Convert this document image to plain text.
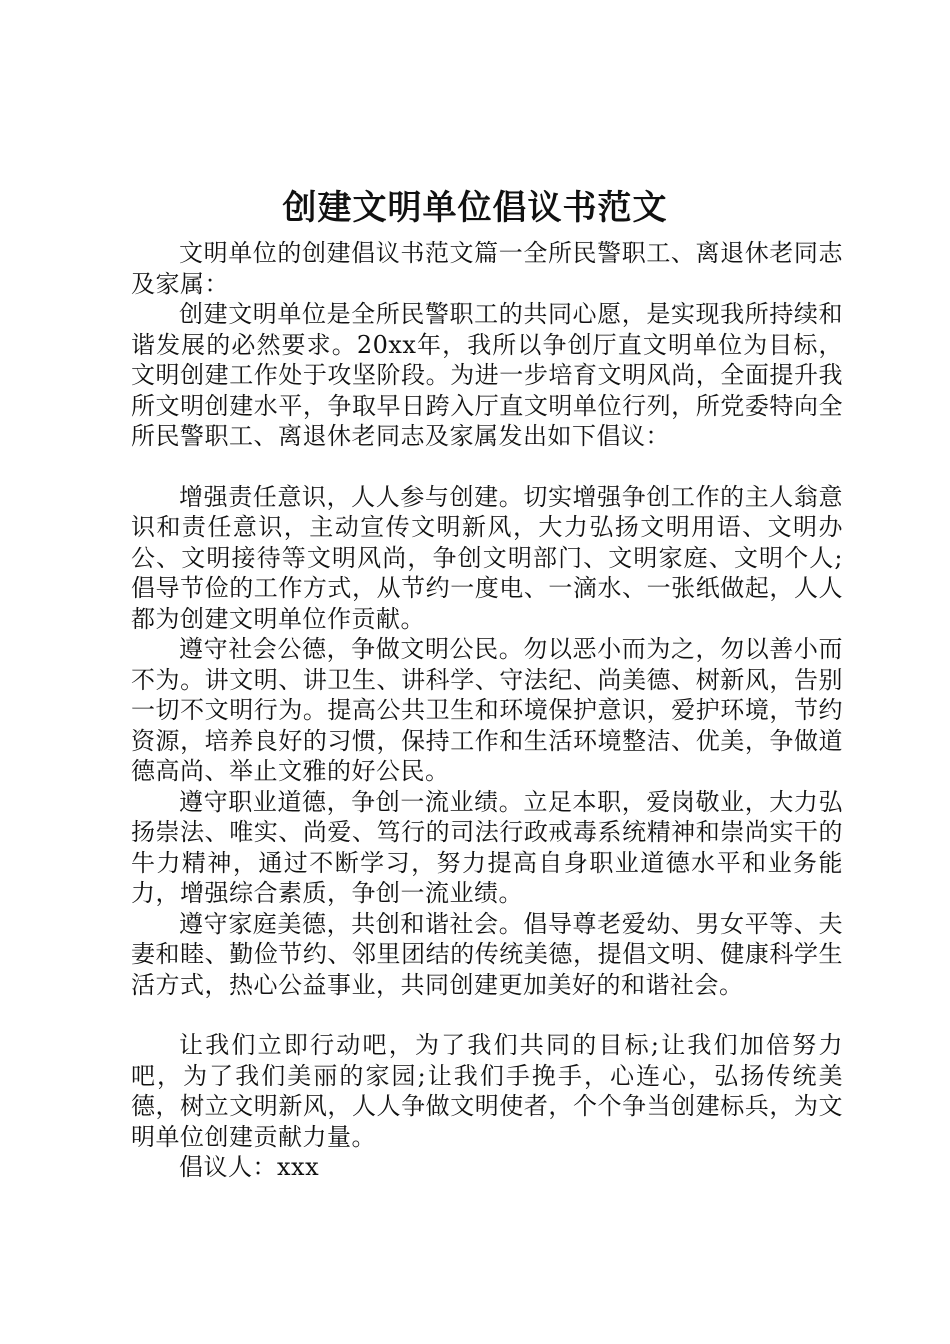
创建文明单位倡议书范文

文明单位的创建倡议书范文篇一全所民警职工、离退休老同志及家属：

创建文明单位是全所民警职工的共同心愿，是实现我所持续和谐发展的必然要求。20xx年，我所以争创厅直文明单位为目标，文明创建工作处于攻坚阶段。为进一步培育文明风尚，全面提升我所文明创建水平，争取早日跨入厅直文明单位行列，所党委特向全所民警职工、离退休老同志及家属发出如下倡议：

增强责任意识，人人参与创建。切实增强争创工作的主人翁意识和责任意识，主动宣传文明新风，大力弘扬文明用语、文明办公、文明接待等文明风尚，争创文明部门、文明家庭、文明个人;倡导节俭的工作方式，从节约一度电、一滴水、一张纸做起，人人都为创建文明单位作贡献。

遵守社会公德，争做文明公民。勿以恶小而为之，勿以善小而不为。讲文明、讲卫生、讲科学、守法纪、尚美德、树新风，告别一切不文明行为。提高公共卫生和环境保护意识，爱护环境，节约资源，培养良好的习惯，保持工作和生活环境整洁、优美，争做道德高尚、举止文雅的好公民。

遵守职业道德，争创一流业绩。立足本职，爱岗敬业，大力弘扬崇法、唯实、尚爱、笃行的司法行政戒毒系统精神和崇尚实干的牛力精神，通过不断学习，努力提高自身职业道德水平和业务能力，增强综合素质，争创一流业绩。

遵守家庭美德，共创和谐社会。倡导尊老爱幼、男女平等、夫妻和睦、勤俭节约、邻里团结的传统美德，提倡文明、健康科学生活方式，热心公益事业，共同创建更加美好的和谐社会。

让我们立即行动吧，为了我们共同的目标;让我们加倍努力吧，为了我们美丽的家园;让我们手挽手，心连心，弘扬传统美德，树立文明新风，人人争做文明使者，个个争当创建标兵，为文明单位创建贡献力量。

倡议人：xxx
